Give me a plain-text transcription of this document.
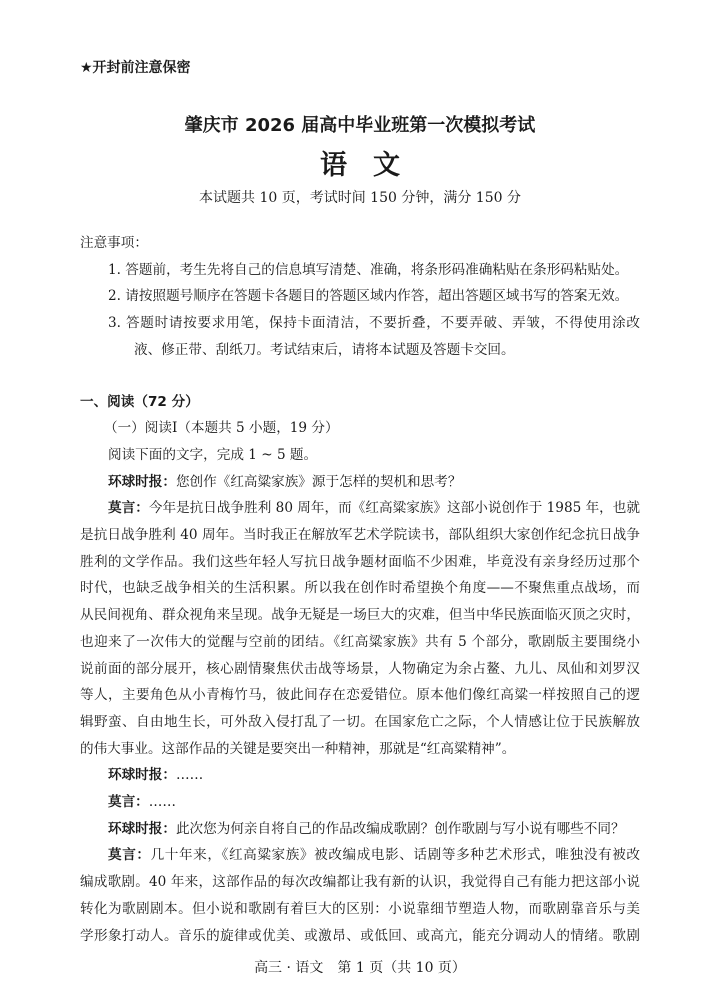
★开封前注意保密
肇庆市 2026 届高中毕业班第一次模拟考试
语文
本试题共 10 页，考试时间 150 分钟，满分 150 分
注意事项：
1. 答题前，考生先将自己的信息填写清楚、准确，将条形码准确粘贴在条形码粘贴处。
2. 请按照题号顺序在答题卡各题目的答题区域内作答，超出答题区域书写的答案无效。
3. 答题时请按要求用笔，保持卡面清洁，不要折叠，不要弄破、弄皱，不得使用涂改
液、修正带、刮纸刀。考试结束后，请将本试题及答题卡交回。
一、阅读（72 分）
（一）阅读Ⅰ（本题共 5 小题，19 分）
阅读下面的文字，完成 1 ~ 5 题。
环球时报：您创作《红高粱家族》源于怎样的契机和思考？
莫言：今年是抗日战争胜利 80 周年，而《红高粱家族》这部小说创作于 1985 年，也就
是抗日战争胜利 40 周年。当时我正在解放军艺术学院读书，部队组织大家创作纪念抗日战争
胜利的文学作品。我们这些年轻人写抗日战争题材面临不少困难，毕竟没有亲身经历过那个
时代，也缺乏战争相关的生活积累。所以我在创作时希望换个角度——不聚焦重点战场，而
从民间视角、群众视角来呈现。战争无疑是一场巨大的灾难，但当中华民族面临灭顶之灾时，
也迎来了一次伟大的觉醒与空前的团结。《红高粱家族》共有 5 个部分，歌剧版主要围绕小
说前面的部分展开，核心剧情聚焦伏击战等场景，人物确定为余占鳌、九儿、凤仙和刘罗汉
等人，主要角色从小青梅竹马，彼此间存在恋爱错位。原本他们像红高粱一样按照自己的逻
辑野蛮、自由地生长，可外敌入侵打乱了一切。在国家危亡之际，个人情感让位于民族解放
的伟大事业。这部作品的关键是要突出一种精神，那就是“红高粱精神”。
环球时报：……
莫言：……
环球时报：此次您为何亲自将自己的作品改编成歌剧？创作歌剧与写小说有哪些不同？
莫言：几十年来，《红高粱家族》被改编成电影、话剧等多种艺术形式，唯独没有被改
编成歌剧。40 年来，这部作品的每次改编都让我有新的认识，我觉得自己有能力把这部小说
转化为歌剧剧本。但小说和歌剧有着巨大的区别：小说靠细节塑造人物，而歌剧靠音乐与美
学形象打动人。音乐的旋律或优美、或激昂、或低回、或高亢，能充分调动人的情绪。歌剧
高三 · 语文　第 1 页（共 10 页）
